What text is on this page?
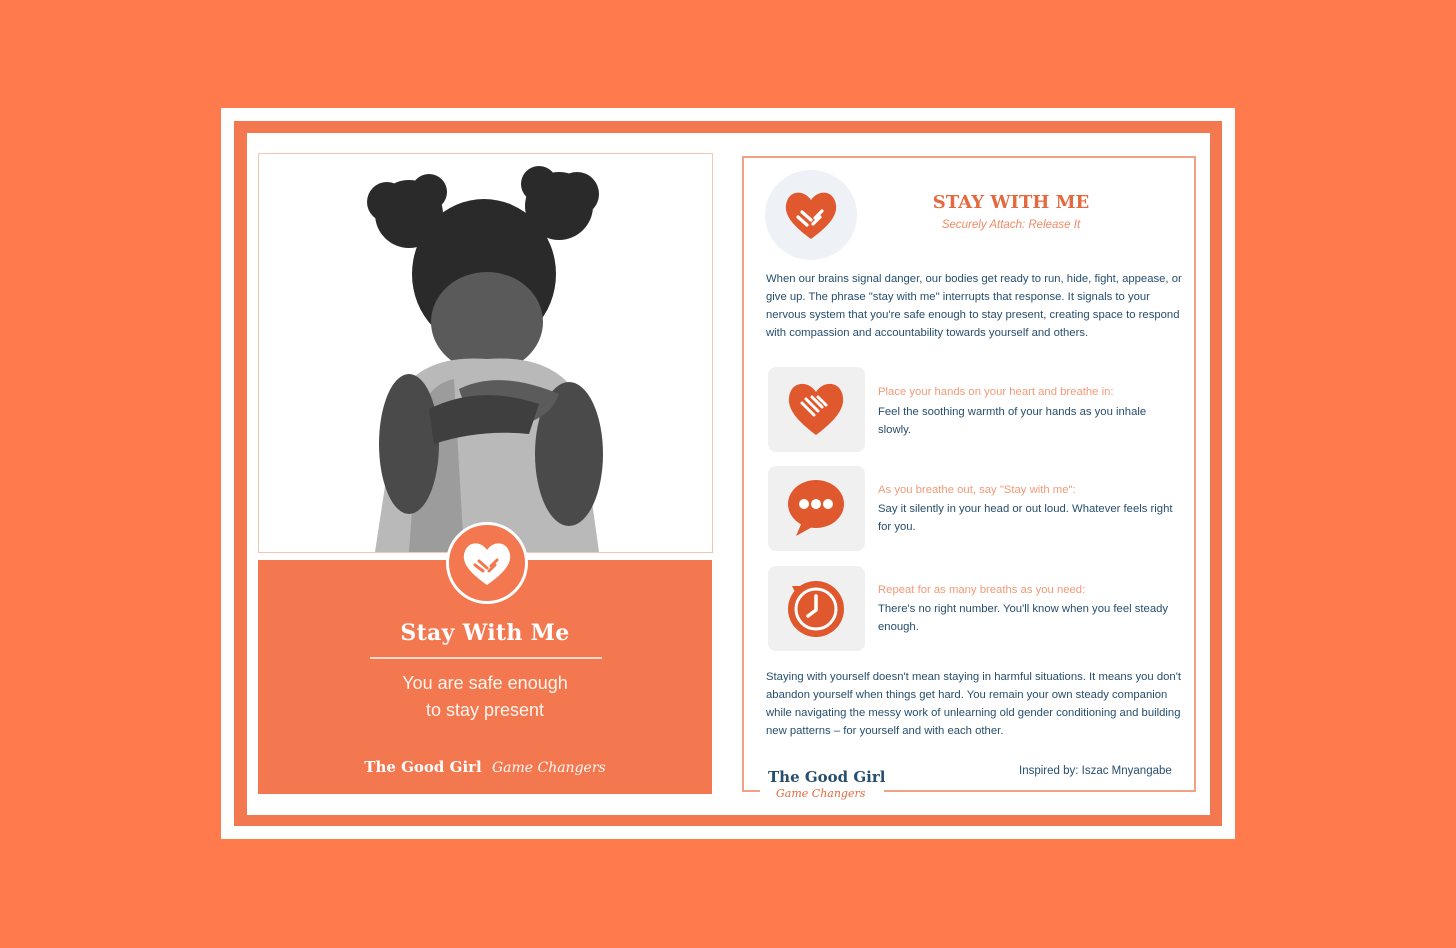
Stay With Me
You are safe enough
to stay present
The Good Girl Game Changers
STAY WITH ME
Securely Attach: Release It
When our brains signal danger, our bodies get ready to run, hide, fight, appease, or give up. The phrase "stay with me" interrupts that response. It signals to your nervous system that you're safe enough to stay present, creating space to respond with compassion and accountability towards yourself and others.
Place your hands on your heart and breathe in:
Feel the soothing warmth of your hands as you inhale slowly.
As you breathe out, say "Stay with me":
Say it silently in your head or out loud. Whatever feels right for you.
Repeat for as many breaths as you need:
There's no right number. You'll know when you feel steady enough.
Staying with yourself doesn't mean staying in harmful situations. It means you don't abandon yourself when things get hard. You remain your own steady companion while navigating the messy work of unlearning old gender conditioning and building new patterns – for yourself and with each other.
The Good Girl
Game Changers
Inspired by: Iszac Mnyangabe
